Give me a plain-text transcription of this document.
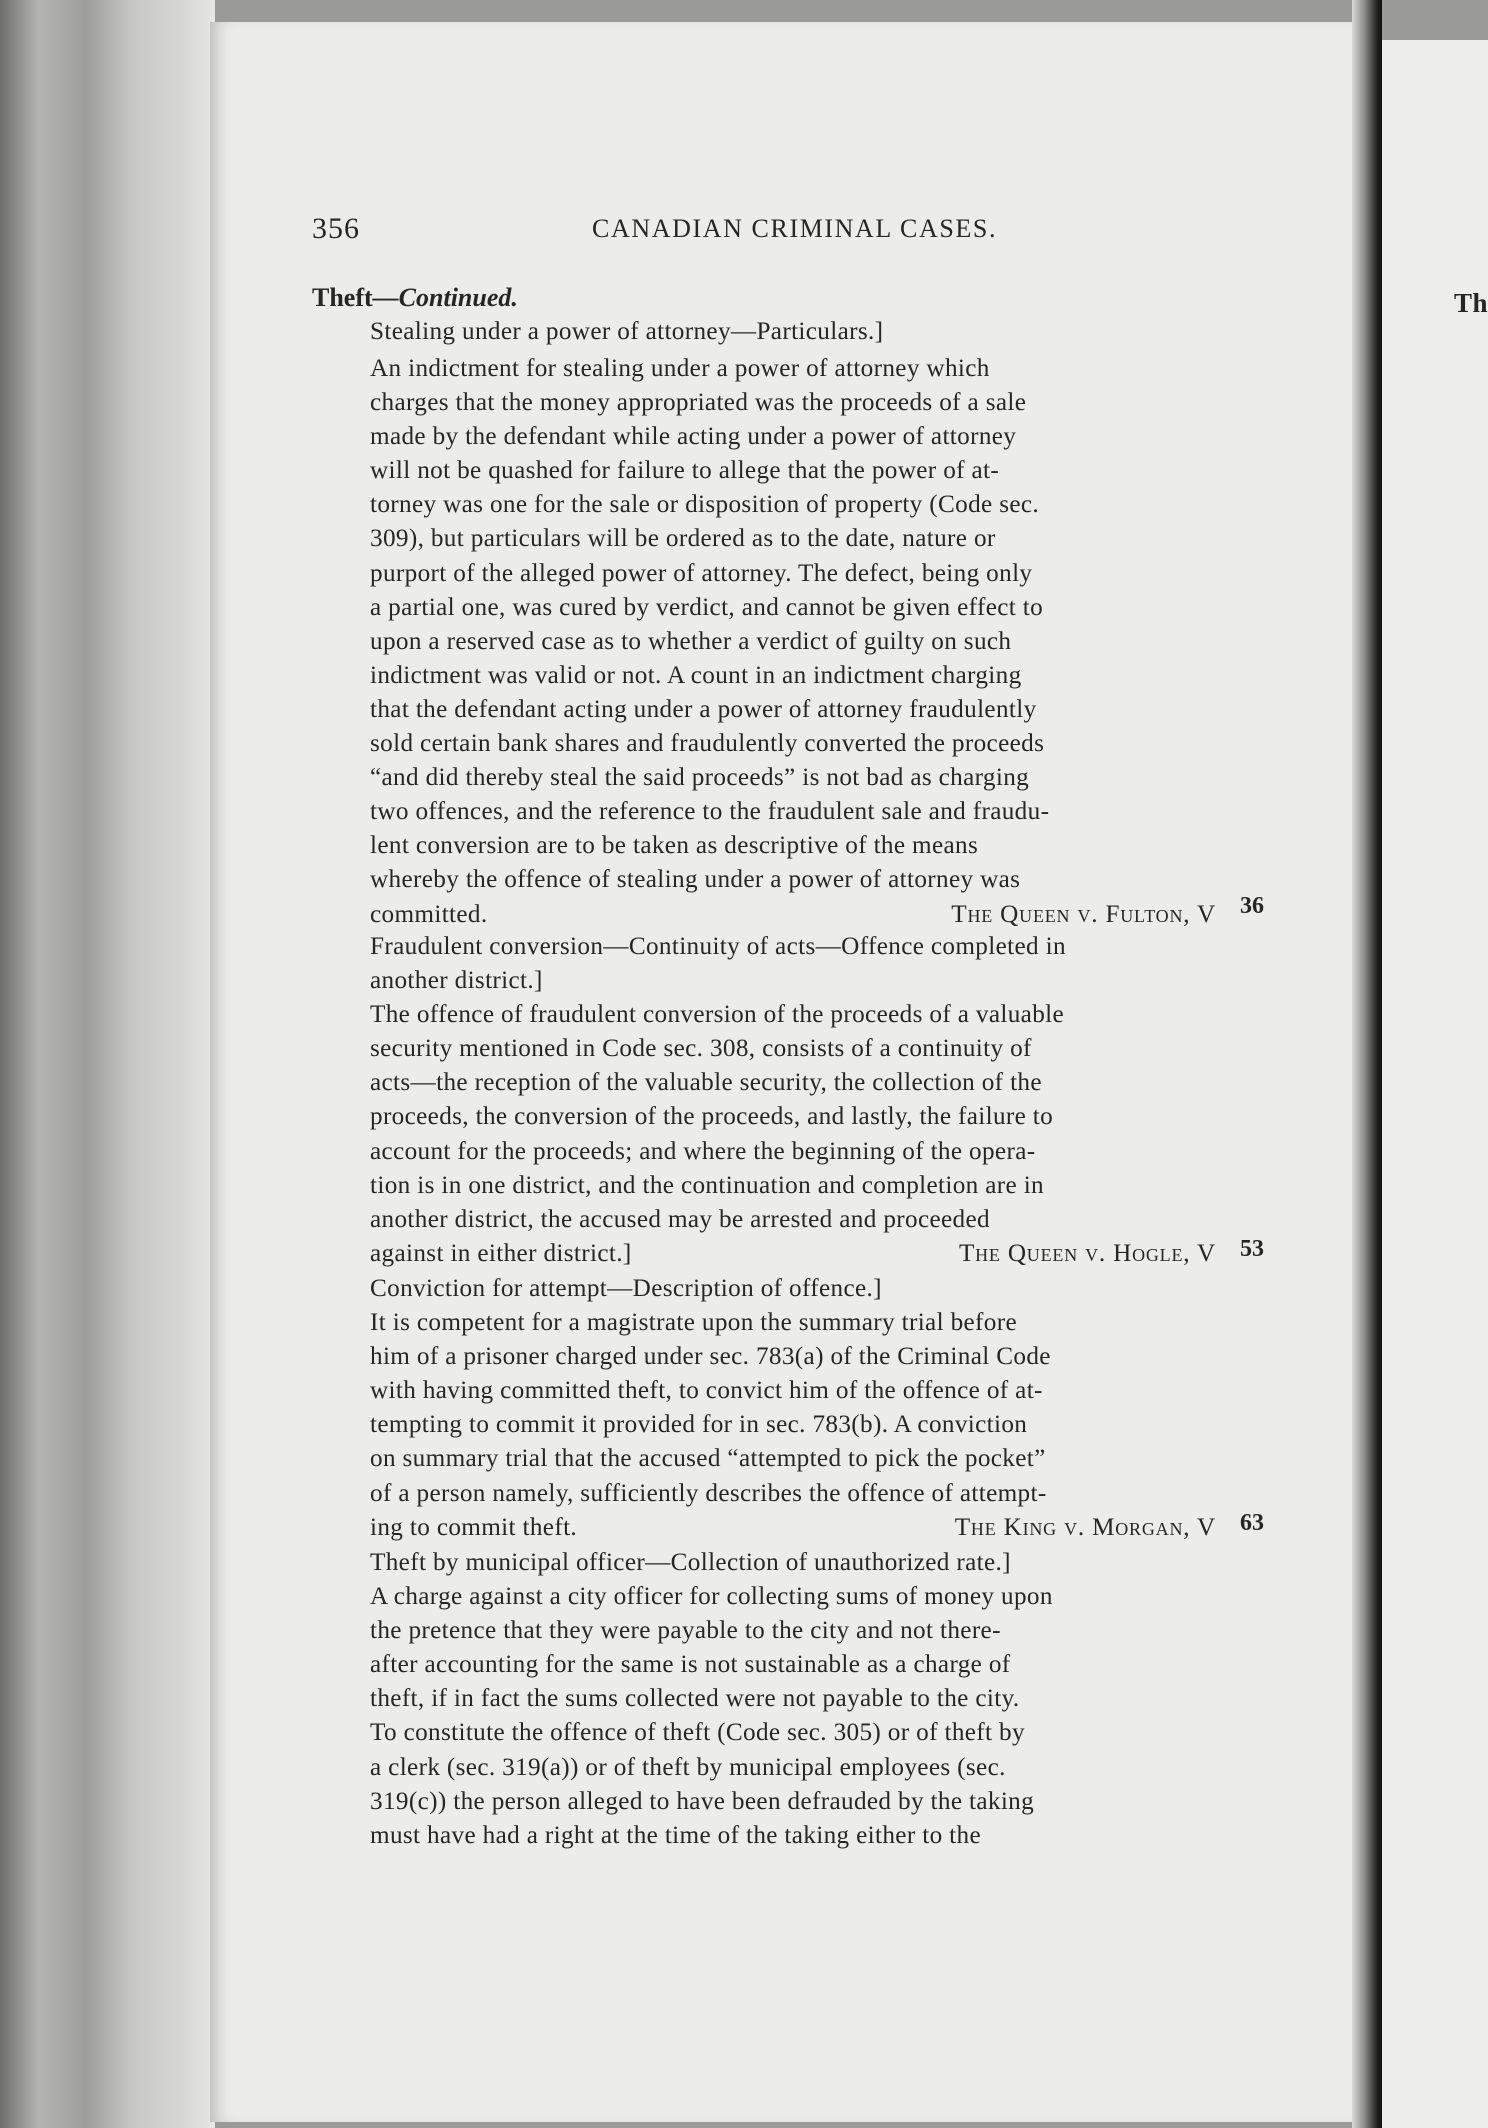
Th
356	CANADIAN CRIMINAL CASES.
Theft—Continued.
Stealing under a power of attorney—Particulars.]
An indictment for stealing under a power of attorney which
charges that the money appropriated was the proceeds of a sale
made by the defendant while acting under a power of attorney
will not be quashed for failure to allege that the power of at-
torney was one for the sale or disposition of property (Code sec.
309), but particulars will be ordered as to the date, nature or
purport of the alleged power of attorney. The defect, being only
a partial one, was cured by verdict, and cannot be given effect to
upon a reserved case as to whether a verdict of guilty on such
indictment was valid or not. A count in an indictment charging
that the defendant acting under a power of attorney fraudulently
sold certain bank shares and fraudulently converted the proceeds
“and did thereby steal the said proceeds” is not bad as charging
two offences, and the reference to the fraudulent sale and fraudu-
lent conversion are to be taken as descriptive of the means
whereby the offence of stealing under a power of attorney was
committed.	The Queen v. Fulton, V 36
Fraudulent conversion—Continuity of acts—Offence completed in
another district.]
The offence of fraudulent conversion of the proceeds of a valuable
security mentioned in Code sec. 308, consists of a continuity of
acts—the reception of the valuable security, the collection of the
proceeds, the conversion of the proceeds, and lastly, the failure to
account for the proceeds; and where the beginning of the opera-
tion is in one district, and the continuation and completion are in
another district, the accused may be arrested and proceeded
against in either district.]	The Queen v. Hogle, V 53
Conviction for attempt—Description of offence.]
It is competent for a magistrate upon the summary trial before
him of a prisoner charged under sec. 783(a) of the Criminal Code
with having committed theft, to convict him of the offence of at-
tempting to commit it provided for in sec. 783(b). A conviction
on summary trial that the accused “attempted to pick the pocket”
of a person namely, sufficiently describes the offence of attempt-
ing to commit theft.	The King v. Morgan, V 63
Theft by municipal officer—Collection of unauthorized rate.]
A charge against a city officer for collecting sums of money upon
the pretence that they were payable to the city and not there-
after accounting for the same is not sustainable as a charge of
theft, if in fact the sums collected were not payable to the city.
To constitute the offence of theft (Code sec. 305) or of theft by
a clerk (sec. 319(a)) or of theft by municipal employees (sec.
319(c)) the person alleged to have been defrauded by the taking
must have had a right at the time of the taking either to the
